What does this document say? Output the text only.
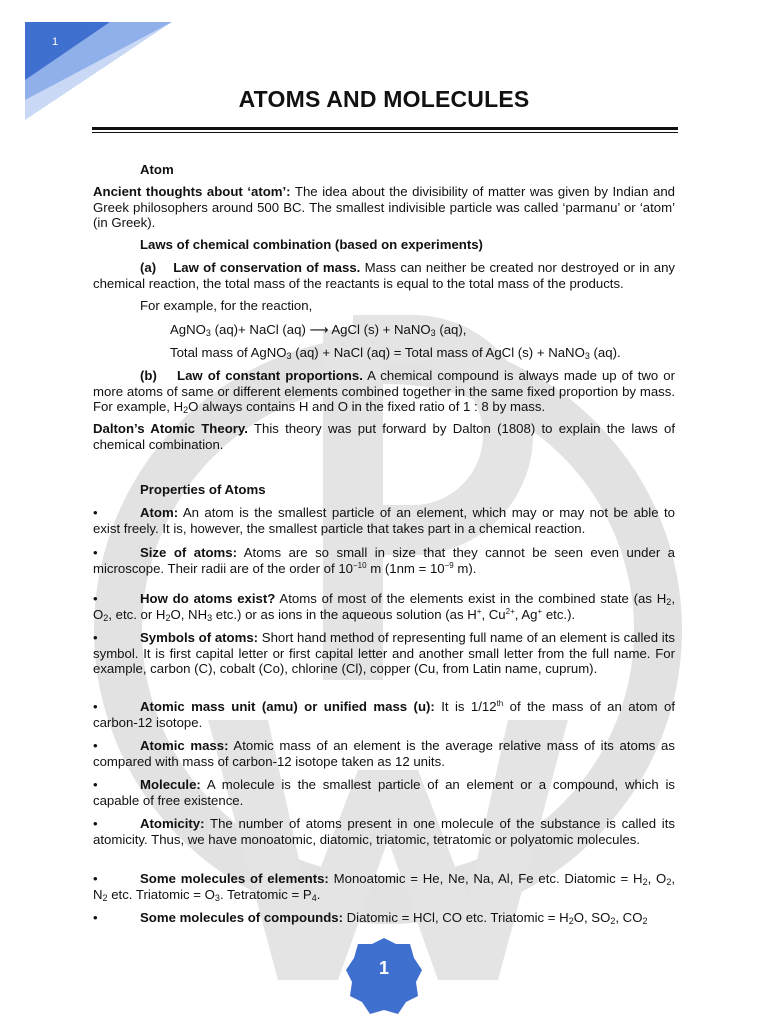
1
ATOMS AND MOLECULES

Atom

Ancient thoughts about ‘atom’: The idea about the divisibility of matter was given by Indian and Greek philosophers around 500 BC. The smallest indivisible particle was called ‘parmanu’ or ‘atom’ (in Greek).

Laws of chemical combination (based on experiments)

(a) Law of conservation of mass. Mass can neither be created nor destroyed or in any chemical reaction, the total mass of the reactants is equal to the total mass of the products.

For example, for the reaction,

AgNO$_3$ (aq)+ NaCl (aq) ⟶ AgCl (s) + NaNO$_3$ (aq),

Total mass of AgNO$_3$ (aq) + NaCl (aq) = Total mass of AgCl (s) + NaNO$_3$ (aq).

(b) Law of constant proportions. A chemical compound is always made up of two or more atoms of same or different elements combined together in the same fixed proportion by mass. For example, $H_2O$ always contains H and O in the fixed ratio of 1 : 8 by mass.

Dalton’s Atomic Theory. This theory was put forward by Dalton (1808) to explain the laws of chemical combination.

Properties of Atoms

•	Atom: An atom is the smallest particle of an element, which may or may not be able to exist freely. It is, however, the smallest particle that takes part in a chemical reaction.

•	Size of atoms: Atoms are so small in size that they cannot be seen even under a microscope. Their radii are of the order of $10^{-10}$ m ($1nm = 10^{-9}$ m).

•	How do atoms exist? Atoms of most of the elements exist in the combined state (as $H_2$, $O_2$, etc. or $H_2O$, $NH_3$ etc.) or as ions in the aqueous solution (as H+, $Cu^{2+}$, Ag+ etc.).

•	Symbols of atoms: Short hand method of representing full name of an element is called its symbol. It is first capital letter or first capital letter and another small letter from the full name. For example, carbon (C), cobalt (Co), chlorine (Cl), copper (Cu, from Latin name, cuprum).

•	Atomic mass unit (amu) or unified mass (u): It is 1/12th of the mass of an atom of carbon-12 isotope.

•	Atomic mass: Atomic mass of an element is the average relative mass of its atoms as compared with mass of carbon-12 isotope taken as 12 units.

•	Molecule: A molecule is the smallest particle of an element or a compound, which is capable of free existence.

•	Atomicity: The number of atoms present in one molecule of the substance is called its atomicity. Thus, we have monoatomic, diatomic, triatomic, tetratomic or polyatomic molecules.

•	Some molecules of elements: Monoatomic = He, Ne, Na, Al, Fe etc. Diatomic = $H_2$, $O_2$, $N_2$ etc. Triatomic = $O_3$. Tetratomic = $P_4$.

•	Some molecules of compounds: Diatomic = HCl, CO etc. Triatomic = $H_2O$, $SO_2$, $CO_2$

1
